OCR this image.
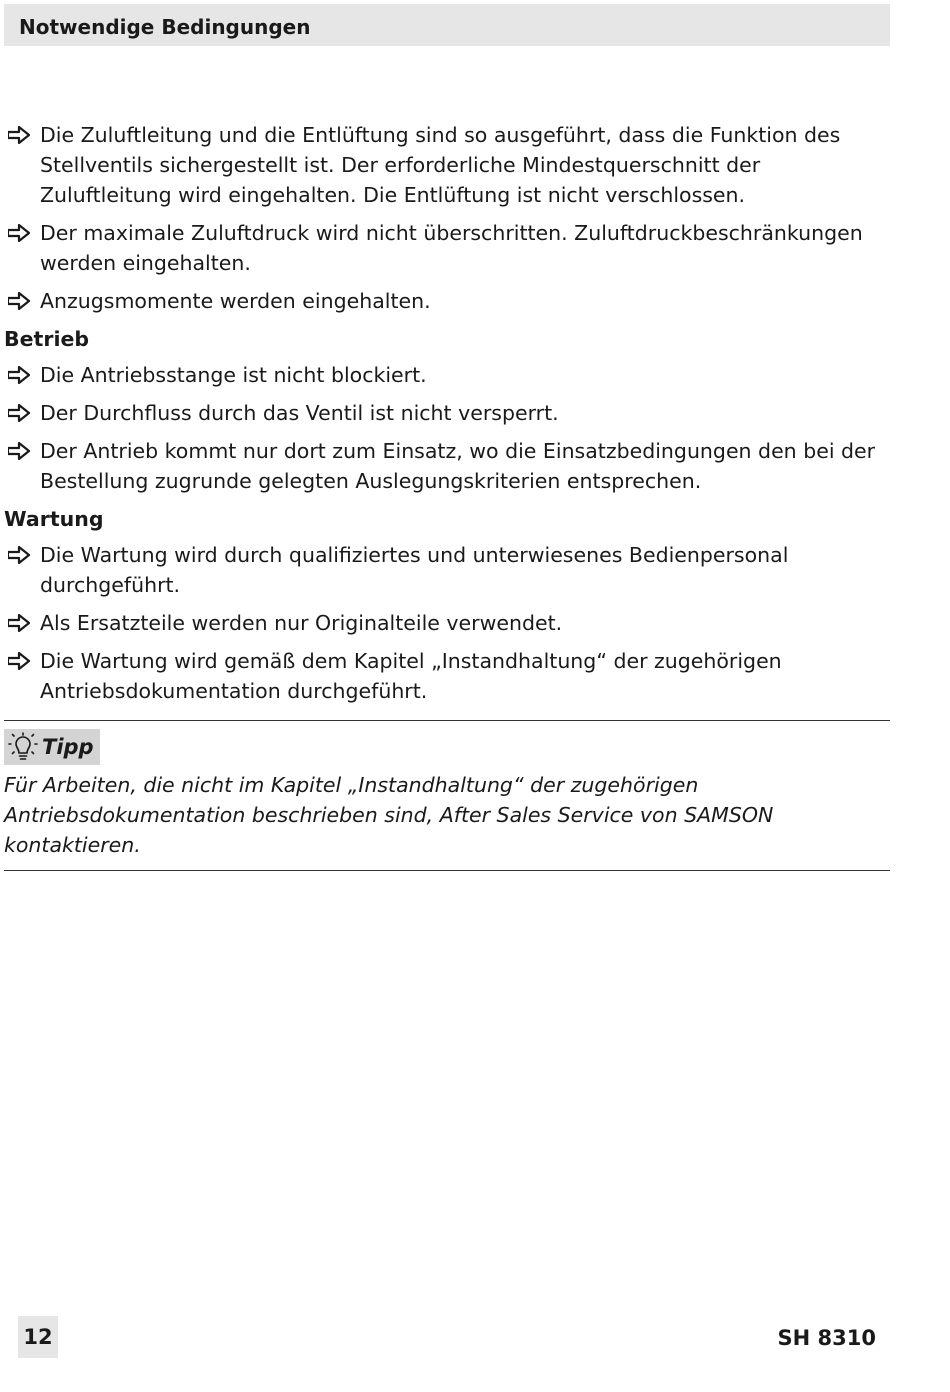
Notwendige Bedingungen
Die Zuluftleitung und die Entlüftung sind so ausgeführt, dass die Funktion des Stellventils sichergestellt ist. Der erforderliche Mindestquerschnitt der Zuluftleitung wird eingehalten. Die Entlüftung ist nicht verschlossen.
Der maximale Zuluftdruck wird nicht überschritten. Zuluftdruckbeschränkungen werden eingehalten.
Anzugsmomente werden eingehalten.
Betrieb
Die Antriebsstange ist nicht blockiert.
Der Durchfluss durch das Ventil ist nicht versperrt.
Der Antrieb kommt nur dort zum Einsatz, wo die Einsatzbedingungen den bei der Bestellung zugrunde gelegten Auslegungskriterien entsprechen.
Wartung
Die Wartung wird durch qualifiziertes und unterwiesenes Bedienpersonal durchgeführt.
Als Ersatzteile werden nur Originalteile verwendet.
Die Wartung wird gemäß dem Kapitel „Instandhaltung“ der zugehörigen Antriebsdokumentation durchgeführt.
Tipp
Für Arbeiten, die nicht im Kapitel „Instandhaltung“ der zugehörigen Antriebsdokumentation beschrieben sind, After Sales Service von SAMSON kontaktieren.
12	SH 8310
